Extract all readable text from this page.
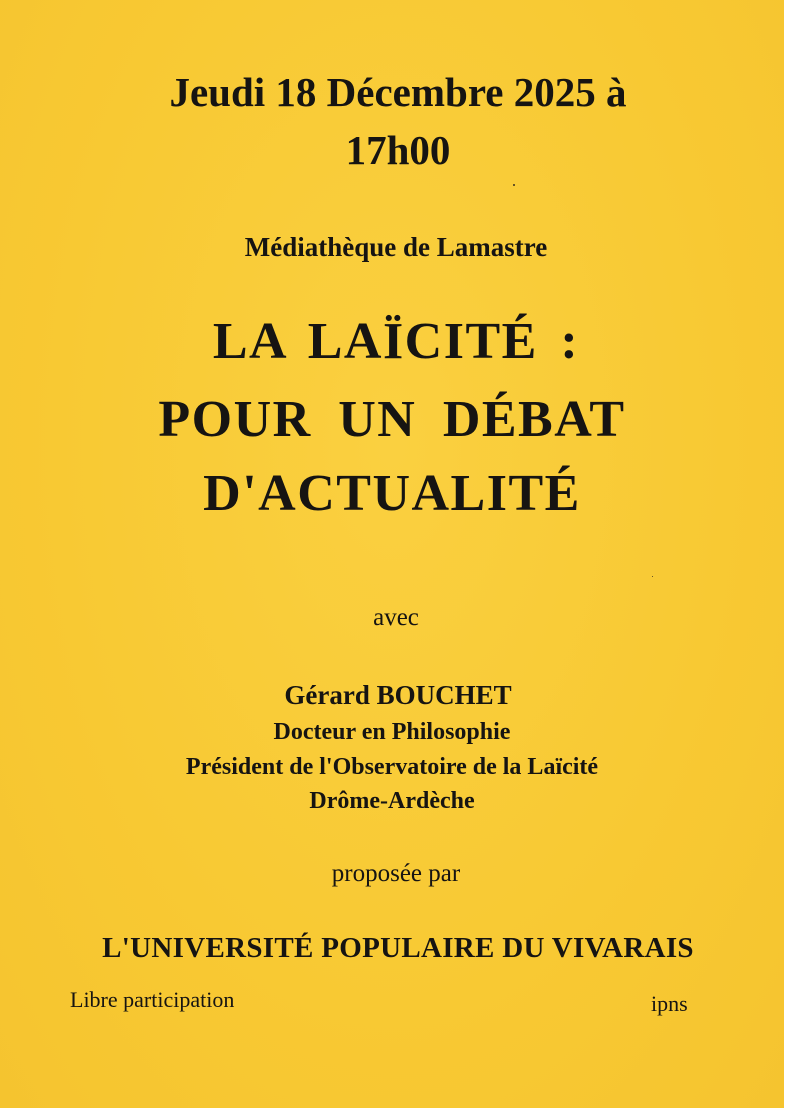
Jeudi 18 Décembre 2025 à
17h00
Médiathèque de Lamastre
LA LAÏCITÉ :
POUR UN DÉBAT
D'ACTUALITÉ
avec
Gérard BOUCHET
Docteur en Philosophie
Président de l'Observatoire de la Laïcité
Drôme-Ardèche
proposée par
L'UNIVERSITÉ POPULAIRE DU VIVARAIS
Libre participation	ipns
